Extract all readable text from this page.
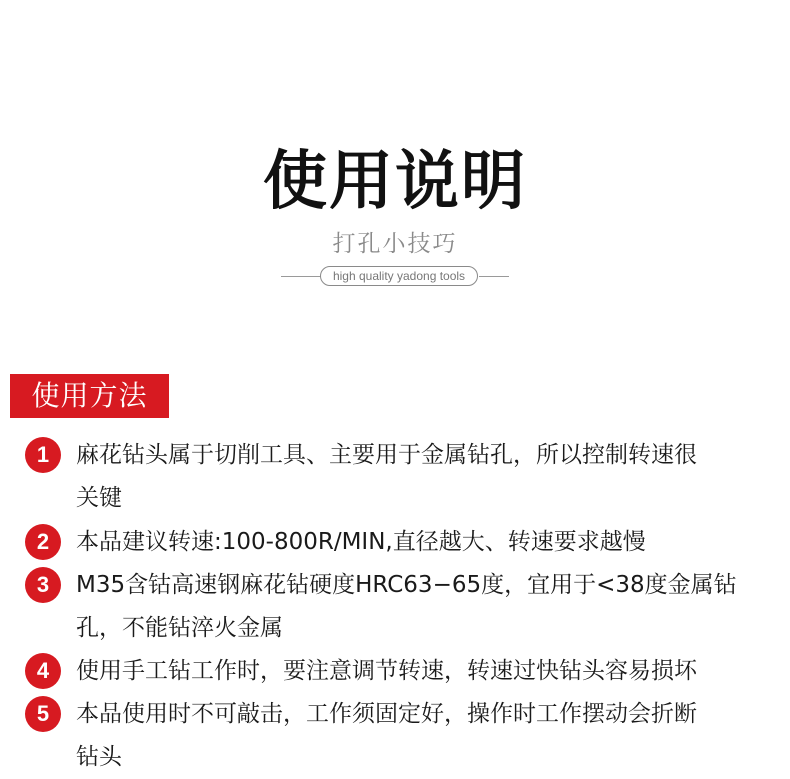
使用说明
打孔小技巧
high quality yadong tools
使用方法
1	麻花钻头属于切削工具、主要用于金属钻孔，所以控制转速很
关键
2	本品建议转速:100-800R/MIN,直径越大、转速要求越慢
3	M35含钴高速钢麻花钻硬度HRC63−65度，宜用于<38度金属钻
孔，不能钻淬火金属
4	使用手工钻工作时，要注意调节转速，转速过快钻头容易损坏
5	本品使用时不可敲击，工作须固定好，操作时工作摆动会折断
钻头
